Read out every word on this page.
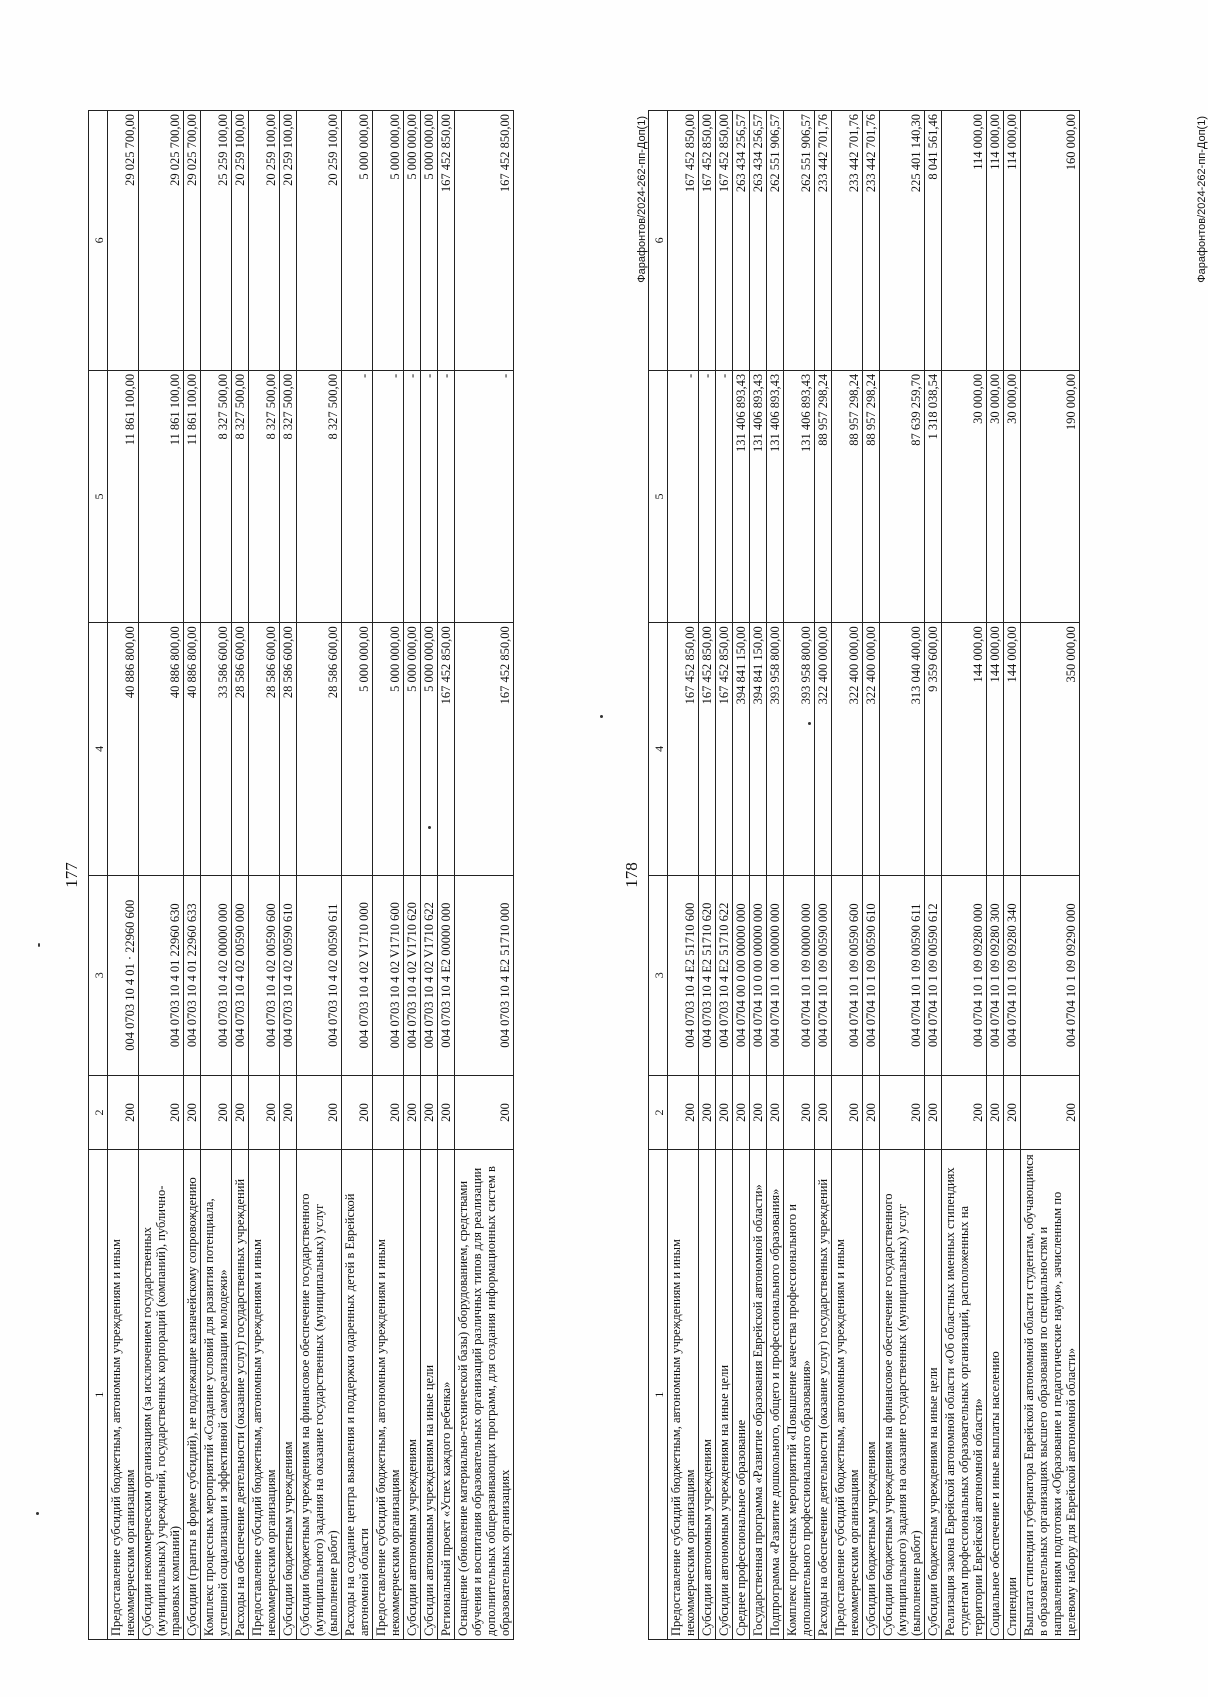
177
1	2	3	4	5	6
Предоставление субсидий бюджетным, автономным учреждениям и иным некоммерческим организациям	200	004 0703 10 4 01 · 22960 600	40 886 800,00	11 861 100,00	29 025 700,00
Субсидии некоммерческим организациям (за исключением государственных (муниципальных) учреждений, государственных корпораций (компаний), публично-правовых компаний)	200	004 0703 10 4 01 22960 630	40 886 800,00	11 861 100,00	29 025 700,00
Субсидии (гранты в форме субсидий), не подлежащие казначейскому сопровождению	200	004 0703 10 4 01 22960 633	40 886 800,00	11 861 100,00	29 025 700,00
Комплекс процессных мероприятий «Создание условий для развития потенциала, успешной социализации и эффективной самореализации молодежи»	200	004 0703 10 4 02 00000 000	33 586 600,00	8 327 500,00	25 259 100,00
Расходы на обеспечение деятельности (оказание услуг) государственных учреждений	200	004 0703 10 4 02 00590 000	28 586 600,00	8 327 500,00	20 259 100,00
Предоставление субсидий бюджетным, автономным учреждениям и иным некоммерческим организациям	200	004 0703 10 4 02 00590 600	28 586 600,00	8 327 500,00	20 259 100,00
Субсидии бюджетным учреждениям	200	004 0703 10 4 02 00590 610	28 586 600,00	8 327 500,00	20 259 100,00
Субсидии бюджетным учреждениям на финансовое обеспечение государственного (муниципального) задания на оказание государственных (муниципальных) услуг (выполнение работ)	200	004 0703 10 4 02 00590 611	28 586 600,00	8 327 500,00	20 259 100,00
Расходы на создание центра выявления и поддержки одаренных детей в Еврейской автономной области	200	004 0703 10 4 02 V1710 000	5 000 000,00	-	5 000 000,00
Предоставление субсидий бюджетным, автономным учреждениям и иным некоммерческим организациям	200	004 0703 10 4 02 V1710 600	5 000 000,00	-	5 000 000,00
Субсидии автономным учреждениям	200	004 0703 10 4 02 V1710 620	5 000 000,00	-	5 000 000,00
Субсидии автономным учреждениям на иные цели	200	004 0703 10 4 02 V1710 622	5 000 000,00	-	5 000 000,00
Региональный проект «Успех каждого ребенка»	200	004 0703 10 4 E2 00000 000	167 452 850,00	-	167 452 850,00
Оснащение (обновление материально-технической базы) оборудованием, средствами обучения и воспитания образовательных организаций различных типов для реализации дополнительных общеразвивающих программ, для создания информационных систем в образовательных организациях	200	004 0703 10 4 E2 51710 000	167 452 850,00	-	167 452 850,00	Фарафонтов/2024-262-пп-Доп(1)
178
1	2	3	4	5	6
Предоставление субсидий бюджетным, автономным учреждениям и иным некоммерческим организациям	200	004 0703 10 4 E2 51710 600	167 452 850,00	-	167 452 850,00
Субсидии автономным учреждениям	200	004 0703 10 4 E2 51710 620	167 452 850,00	-	167 452 850,00
Субсидии автономным учреждениям на иные цели	200	004 0703 10 4 E2 51710 622	167 452 850,00	-	167 452 850,00
Среднее профессиональное образование	200	004 0704 00 0 00 00000 000	394 841 150,00	131 406 893,43	263 434 256,57
Государственная программа «Развитие образования Еврейской автономной области»	200	004 0704 10 0 00 00000 000	394 841 150,00	131 406 893,43	263 434 256,57
Подпрограмма «Развитие дошкольного, общего и профессионального образования»	200	004 0704 10 1 00 00000 000	393 958 800,00	131 406 893,43	262 551 906,57
Комплекс процессных мероприятий «Повышение качества профессионального и дополнительного профессионального образования»	200	004 0704 10 1 09 00000 000	393 958 800,00	131 406 893,43	262 551 906,57
Расходы на обеспечение деятельности (оказание услуг) государственных учреждений	200	004 0704 10 1 09 00590 000	322 400 000,00	88 957 298,24	233 442 701,76
Предоставление субсидий бюджетным, автономным учреждениям и иным некоммерческим организациям	200	004 0704 10 1 09 00590 600	322 400 000,00	88 957 298,24	233 442 701,76
Субсидии бюджетным учреждениям	200	004 0704 10 1 09 00590 610	322 400 000,00	88 957 298,24	233 442 701,76
Субсидии бюджетным учреждениям на финансовое обеспечение государственного (муниципального) задания на оказание государственных (муниципальных) услуг (выполнение работ)	200	004 0704 10 1 09 00590 611	313 040 400,00	87 639 259,70	225 401 140,30
Субсидии бюджетным учреждениям на иные цели	200	004 0704 10 1 09 00590 612	9 359 600,00	1 318 038,54	8 041 561,46
Реализация закона Еврейской автономной области «Об областных именных стипендиях студентам профессиональных образовательных организаций, расположенных на территории Еврейской автономной области»	200	004 0704 10 1 09 09280 000	144 000,00	30 000,00	114 000,00
Социальное обеспечение и иные выплаты населению	200	004 0704 10 1 09 09280 300	144 000,00	30 000,00	114 000,00
Стипендии	200	004 0704 10 1 09 09280 340	144 000,00	30 000,00	114 000,00
Выплата стипендии губернатора Еврейской автономной области студентам, обучающимся в образовательных организациях высшего образования по специальностям и направлениям подготовки «Образование и педагогические науки», зачисленным по целевому набору для Еврейской автономной области»	200	004 0704 10 1 09 09290 000	350 000,00	190 000,00	160 000,00	Фарафонтов/2024-262-пп-Доп(1)
